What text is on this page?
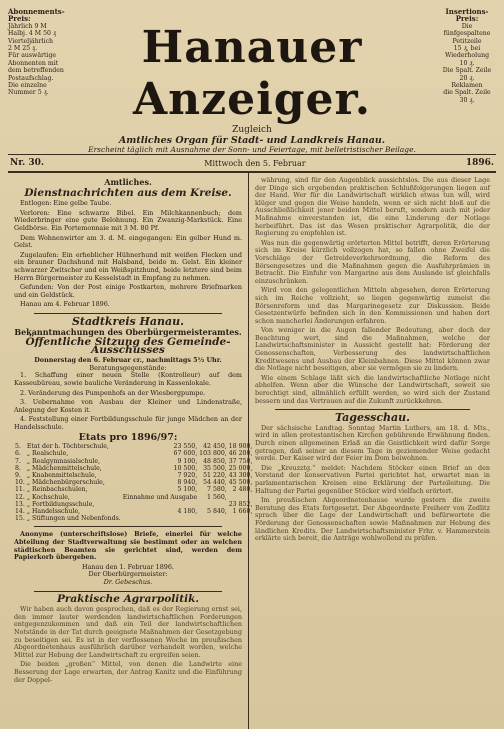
Abonnements-
Preis:
Jährlich 9 M
Halbj. 4 M 50 ₰
Vierteljährlich
2 M 25 ₰.
Für auswärtige
Abonnenten mit
dem betreffenden
Postaufschlag.
Die einzelne
Nummer 5 ₰.
Hanauer Anzeiger.
Insertions-
Preis:
Die fünfgespaltene
Petitzeile
15 ₰, bei
Wiederholung
10 ₰.
Die Spalt. Zeile
20 ₰.
Reklamen
die Spalt. Zeile
30 ₰.
Zugleich
Amtliches Organ für Stadt- und Landkreis Hanau.
Erscheint täglich mit Ausnahme der Sonn- und Feiertage, mit belletristischer Beilage.
Nr. 30.	Mittwoch den 5. Februar	1896.
Amtliches.
Dienstnachrichten aus dem Kreise.

Entlogen: Eine gelbe Taube.

Verloren: Eine schwarze Bibel. Ein Milchkannenbuch; dem Wiederbringer eine gute Belohnung. Ein Zwanzig-Markstück. Eine Geldbörse. Ein Portemonnaie mit 3 M. 80 Pf.

Dem Wohnenwirter am 3. d. M. eingegangen: Ein gelber Hund m. Gelst.

Zugelaufen: Ein erheblicher Hühnerhund mit weißen Flecken und ein brauner Dachshund mit Halsband, beide m. Gelst. Ein kleiner schwarzer Zwitscher und ein Weißspitzhund, beide letztere sind beim Herrn Bürgermeister zu Kesselstadt in Empfang zu nehmen.

Gefunden: Von der Post einige Postkarten, mehrere Briefmarken und ein Geldstück.

Hanau am 4. Februar 1896.

Stadtkreis Hanau.
Bekanntmachungen des Oberbürgermeisteramtes.
Öffentliche Sitzung des Gemeinde-Ausschusses
Donnerstag den 6. Februar cr., nachmittags 5½ Uhr.
Beratungsgegenstände:

1. Schaffung einer neuen Stelle (Kontrolleur) auf dem Kasseubüreau, sowie bauliche Veränderung in Kassenlokale.

2. Veränderung des Pumpenhofs an der Wiesbergpumpe.

3. Uebernahme von Ausbau der Kleiner und Lindenstraße, Anlegung der Kosten it.

4. Feststellung einer Fortbildungsschule für junge Mädchen an der Handelsschule.

Etats pro 1896/97:
5.	Etat der h. Töchterschule,	23 550,	42 450,	18 900,
6.	„ Realschule,	67 600,	103 800,	46 200,
7.	„ Realgymnasialschule,	9 100,	48 850,	37 750,
8.	„ Mädchenmittelschule,	10 500,	35 500,	25 000,
9.	„ Knabenmittelschule,	7 920,	51 220,	43 300,
10.	„ Mädchenbürgerschule,	8 940,	54 440,	45 500,
11.	„ Reinbachschulen,	5 100,	7 580,	2 480,
12.	„ Kochschule,	Einnahme und Ausgabe	1 560,	
13.	„ Fortbildungsschule,			23 852,
14.	„ Handelsschule,	4 180,	5 840,	1 660,
15.	„ Stiftungen und Nebenfonds.			

Anonyme (unterschriftslose) Briefe, einerlei für welche Abteilung der Stadtverwaltung sie bestimmt oder an welchen städtischen Beamten sie gerichtet sind, werden dem Papierkorb übergeben.

Hanau den 1. Februar 1896.
Der Oberbürgermeister:
Dr. Gebeschus.
Praktische Agrarpolitik.

Wir haben auch davon gesprochen, daß es der Regierung ernst sei, den immer lauter werdenden landwirtschaftlichen Forderungen entgegenzukommen und daß ein Teil der landwirtschaftlichen Notstände in der Tat durch geeignete Maßnahmen der Gesetzgebung zu beseitigen sei. Es ist in der verflossenen Woche im preußischen Abgeordnetenhaus ausführlich darüber verhandelt worden, welche Mittel zur Hebung der Landwirtschaft zu ergreifen seien.

Die beiden „großen“ Mittel, von denen die Landwirte eine Besserung der Lage erwarten, der Antrag Kanitz und die Einführung der Doppel-

währung, sind für den Augenblick aussichtslos. Die aus dieser Lage der Dinge sich ergebenden praktischen Schlußfolgerungen liegen auf der Hand. Wer für die Landwirtschaft wirklich etwas tun will, wird klüger und gegen die Weise handeln, wenn er sich nicht bloß auf die Ausschließlichkeit jener beiden Mittel beruft, sondern auch mit jeder Maßnahme einverstanden ist, die eine Linderung der Notlage herbeiführt. Das ist das Wesen praktischer Agrarpolitik, die der Regierung zu empfehlen ist.

Was nun die gegenwärtig erörterten Mittel betrifft, deren Erörterung sich im Kreise kürzlich vollzogen hat, so fallen ohne Zweifel die Vorschläge der Getreideverkehrsordnung, die Reform des Börsengesetzes und die Maßnahmen gegen die Ausfuhrprämien in Betracht. Die Einfuhr von Margarine aus dem Auslande ist gleichfalls einzuschränken.

Wird von den gelegentlichen Mitteln abgesehen, deren Erörterung sich im Reiche vollzieht, so liegen gegenwärtig zumeist die Börsenreform und das Margarinegesetz zur Diskussion. Beide Gesetzentwürfe befinden sich in den Kommissionen und haben dort schon mancherlei Änderungen erfahren.

Von weniger in die Augen fallender Bedeutung, aber doch der Beachtung wert, sind die Maßnahmen, welche der Landwirtschaftsminister in Aussicht gestellt hat: Förderung der Genossenschaften, Verbesserung des landwirtschaftlichen Kreditwesens und Ausbau der Kleinbahnen. Diese Mittel können zwar die Notlage nicht beseitigen, aber sie vermögen sie zu lindern.

Wie einem Schlage läßt sich die landwirtschaftliche Notlage nicht abhelfen. Wenn aber die Wünsche der Landwirtschaft, soweit sie berechtigt sind, allmählich erfüllt werden, so wird sich der Zustand bessern und das Vertrauen auf die Zukunft zurückkehren.

Tagesschau.

Der sächsische Landtag. Sonntag Martin Luthers, am 18. d. Mts., wird in allen protestantischen Kirchen gebührende Erwähnung finden. Durch einen allgemeinen Erlaß an die Geistlichkeit wird dafür Sorge getragen, daß seiner an diesem Tage in geziemender Weise gedacht werde. Der Kaiser wird der Feier im Dom beiwohnen.

Die „Kreuzztg.“ meldet: Nachdem Stöcker einen Brief an den Vorstand der konservativen Partei gerichtet hat, erwartet man in parlamentarischen Kreisen eine Erklärung der Parteileitung. Die Haltung der Partei gegenüber Stöcker wird vielfach erörtert.

Im preußischen Abgeordnetenhause wurde gestern die zweite Beratung des Etats fortgesetzt. Der Abgeordnete Freiherr von Zedlitz sprach über die Lage der Landwirtschaft und befürwortete die Förderung der Genossenschaften sowie Maßnahmen zur Hebung des ländlichen Kredits. Der Landwirtschaftsminister Frhr. v. Hammerstein erklärte sich bereit, die Anträge wohlwollend zu prüfen.
